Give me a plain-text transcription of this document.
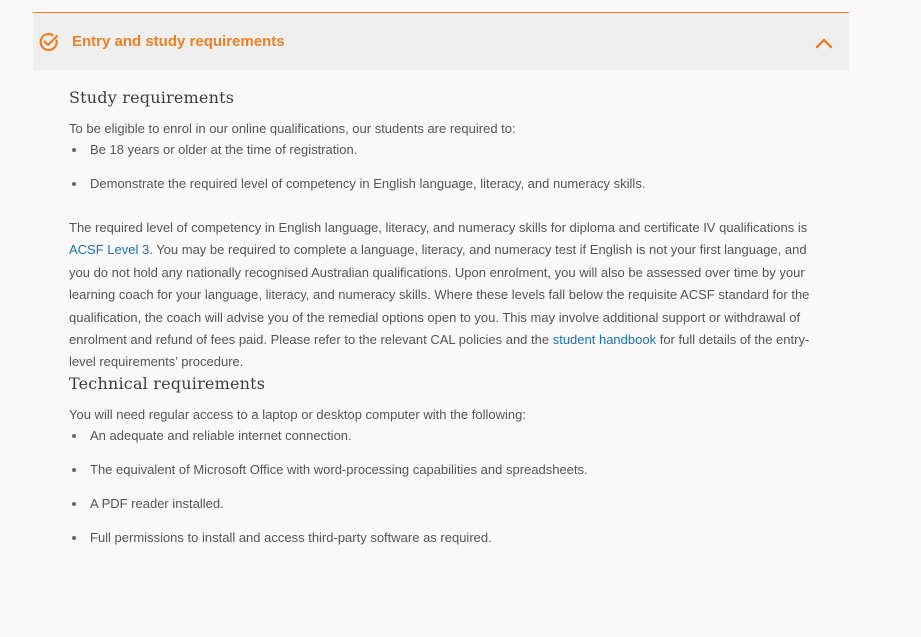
Entry and study requirements
Study requirements

To be eligible to enrol in our online qualifications, our students are required to:

Be 18 years or older at the time of registration.
Demonstrate the required level of competency in English language, literacy, and numeracy skills.

The required level of competency in English language, literacy, and numeracy skills for diploma and certificate IV qualifications is ACSF Level 3. You may be required to complete a language, literacy, and numeracy test if English is not your first language, and you do not hold any nationally recognised Australian qualifications. Upon enrolment, you will also be assessed over time by your learning coach for your language, literacy, and numeracy skills. Where these levels fall below the requisite ACSF standard for the qualification, the coach will advise you of the remedial options open to you. This may involve additional support or withdrawal of enrolment and refund of fees paid. Please refer to the relevant CAL policies and the student handbook for full details of the entry-level requirements’ procedure.

Technical requirements

You will need regular access to a laptop or desktop computer with the following:

An adequate and reliable internet connection.
The equivalent of Microsoft Office with word-processing capabilities and spreadsheets.
A PDF reader installed.
Full permissions to install and access third-party software as required.
